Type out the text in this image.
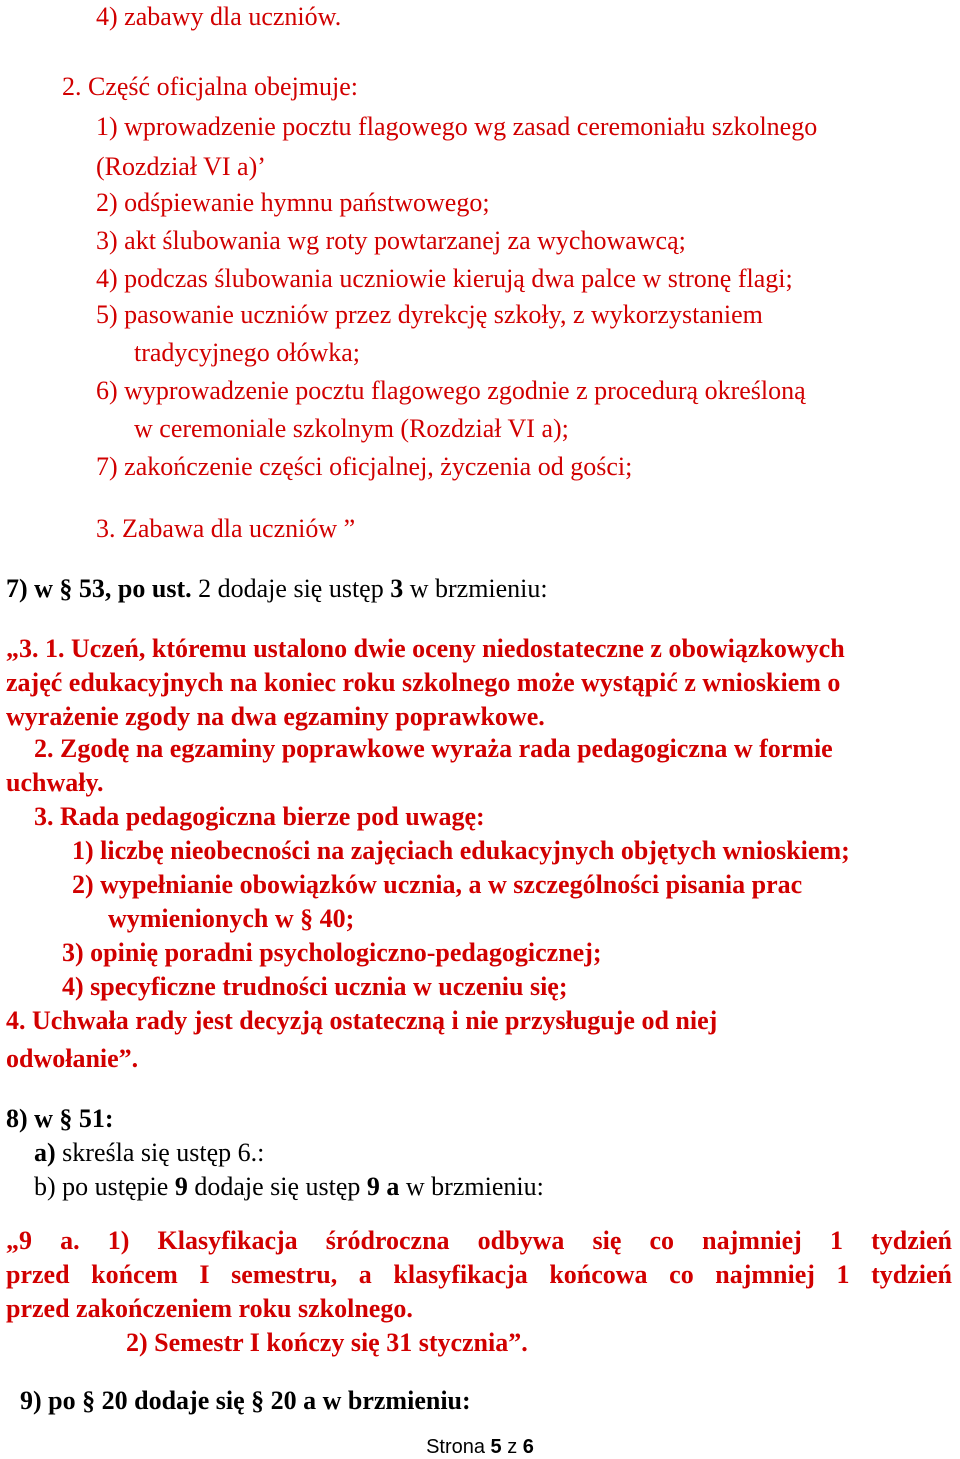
4) zabawy dla uczniów.
2. Część oficjalna obejmuje:
1) wprowadzenie pocztu flagowego wg zasad ceremoniału szkolnego
(Rozdział VI a)’
2) odśpiewanie hymnu państwowego;
3) akt ślubowania wg roty powtarzanej za wychowawcą;
4) podczas ślubowania uczniowie kierują dwa palce w stronę flagi;
5) pasowanie uczniów przez dyrekcję szkoły, z wykorzystaniem
tradycyjnego ołówka;
6) wyprowadzenie pocztu flagowego zgodnie z procedurą określoną
w ceremoniale szkolnym (Rozdział VI a);
7) zakończenie części oficjalnej, życzenia od gości;
3. Zabawa dla uczniów ”
7) w § 53, po ust. 2 dodaje się ustęp 3 w brzmieniu:
„3. 1. Uczeń, któremu ustalono dwie oceny niedostateczne z obowiązkowych
zajęć edukacyjnych na koniec roku szkolnego może wystąpić z wnioskiem o
wyrażenie zgody na dwa egzaminy poprawkowe.
2. Zgodę na egzaminy poprawkowe wyraża rada pedagogiczna w formie
uchwały.
3. Rada pedagogiczna bierze pod uwagę:
1) liczbę nieobecności na zajęciach edukacyjnych objętych wnioskiem;
2) wypełnianie obowiązków ucznia, a w szczególności pisania prac
wymienionych w § 40;
3) opinię poradni psychologiczno-pedagogicznej;
4) specyficzne trudności ucznia w uczeniu się;
4. Uchwała rady jest decyzją ostateczną i nie przysługuje od niej
odwołanie”.
8) w § 51:
a) skreśla się ustęp 6.:
b) po ustępie 9 dodaje się ustęp 9 a w brzmieniu:
„9 a. 1) Klasyfikacja śródroczna odbywa się co najmniej 1 tydzień
przed końcem I semestru, a klasyfikacja końcowa co najmniej 1 tydzień
przed zakończeniem roku szkolnego.
2) Semestr I kończy się 31 stycznia”.
9) po § 20 dodaje się § 20 a w brzmieniu:
Strona 5 z 6
